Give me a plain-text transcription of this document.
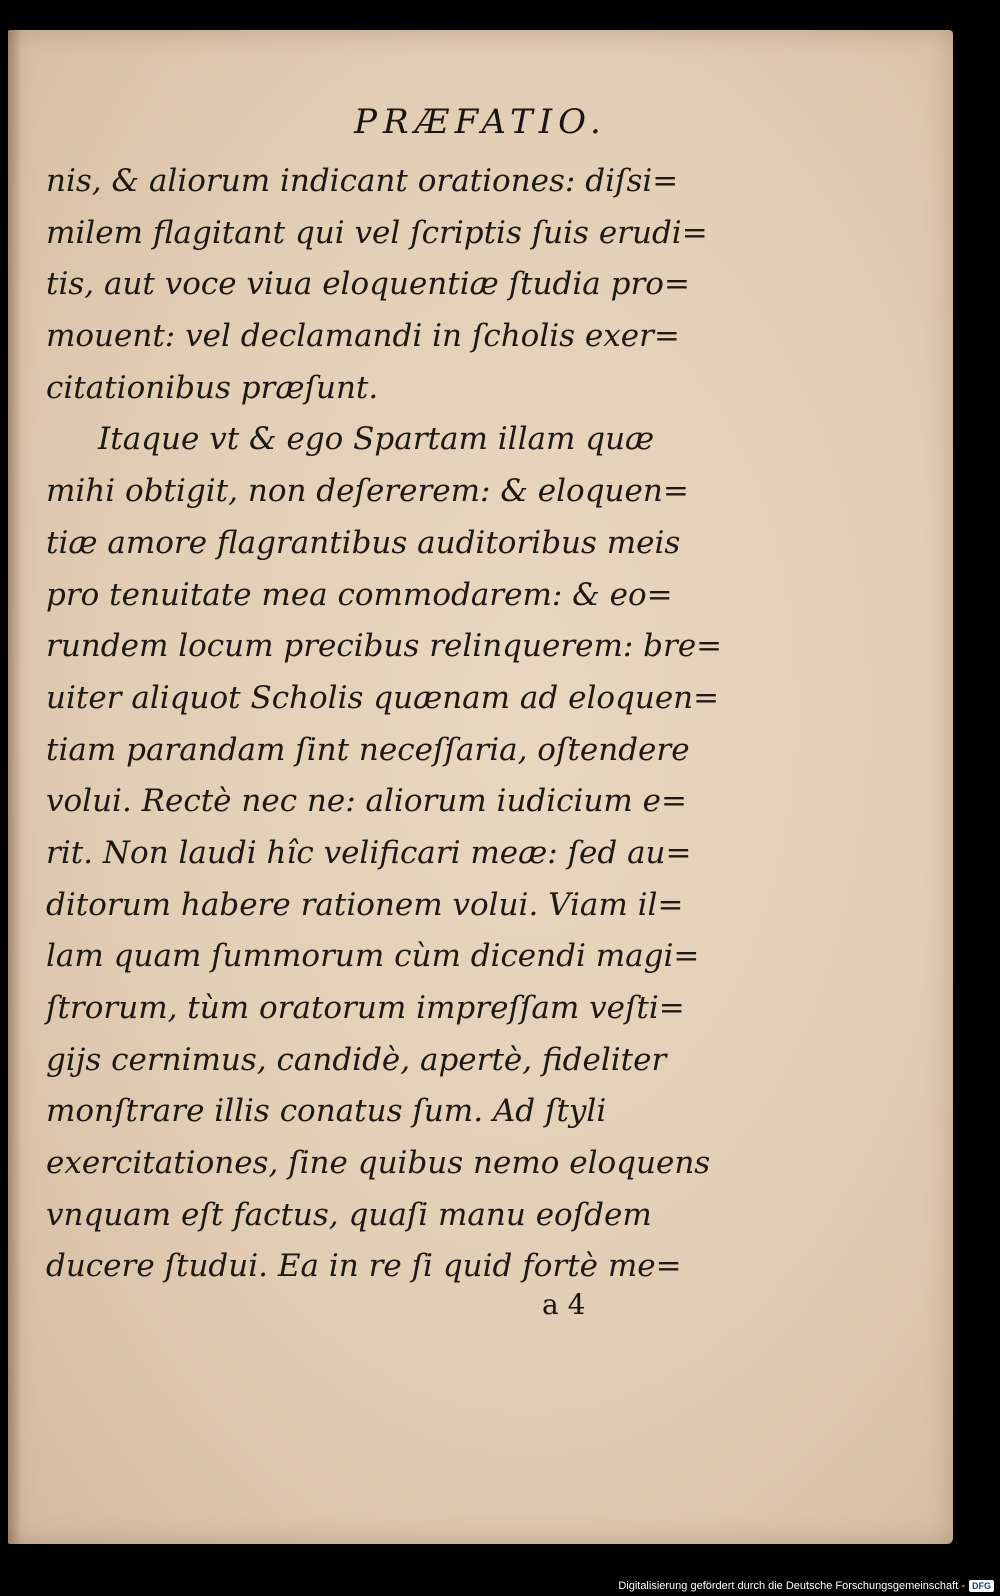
PRÆFATIO.
nis, & aliorum indicant orationes: diſsi=
milem flagitant qui vel ſcriptis ſuis erudi=
tis, aut voce viua eloquentiæ ſtudia pro=
mouent: vel declamandi in ſcholis exer=
citationibus præſunt.
Itaque vt & ego Spartam illam quæ
mihi obtigit, non deſererem: & eloquen=
tiæ amore flagrantibus auditoribus meis
pro tenuitate mea commodarem: & eo=
rundem locum precibus relinquerem: bre=
uiter aliquot Scholis quænam ad eloquen=
tiam parandam ſint neceſſaria, oſtendere
volui. Rectè nec ne: aliorum iudicium e=
rit. Non laudi hîc velificari meæ: ſed au=
ditorum habere rationem volui. Viam il=
lam quam ſummorum cùm dicendi magi=
ſtrorum, tùm oratorum impreſſam veſti=
gijs cernimus, candidè, apertè, fideliter
monſtrare illis conatus ſum. Ad ſtyli
exercitationes, ſine quibus nemo eloquens
vnquam eſt factus, quaſi manu eoſdem
ducere ſtudui. Ea in re ſi quid fortè me=
a 4
Digitalisierung gefördert durch die Deutsche Forschungsgemeinschaft - DFG
